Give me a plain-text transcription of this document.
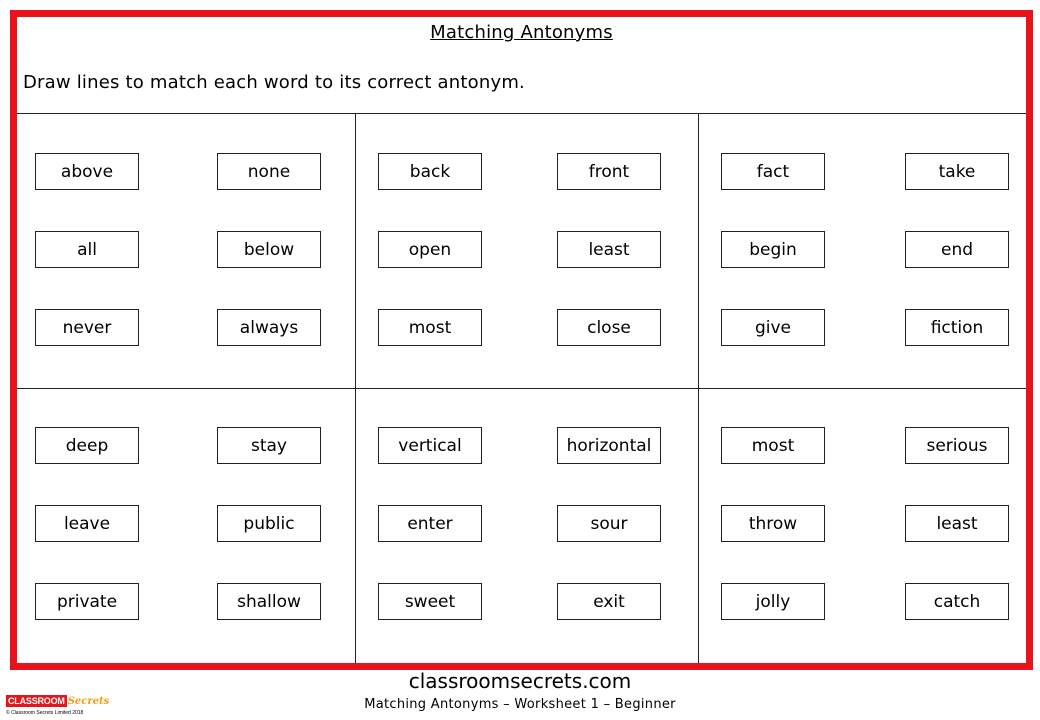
Matching Antonyms
Draw lines to match each word to its correct antonym.
above
all
never
none
below
always
back
open
most
front
least
close
fact
begin
give
take
end
fiction
deep
leave
private
stay
public
shallow
vertical
enter
sweet
horizontal
sour
exit
most
throw
jolly
serious
least
catch
classroomsecrets.com
Matching Antonyms – Worksheet 1 – Beginner
CLASSROOM Secrets
© Classroom Secrets Limited 2018
